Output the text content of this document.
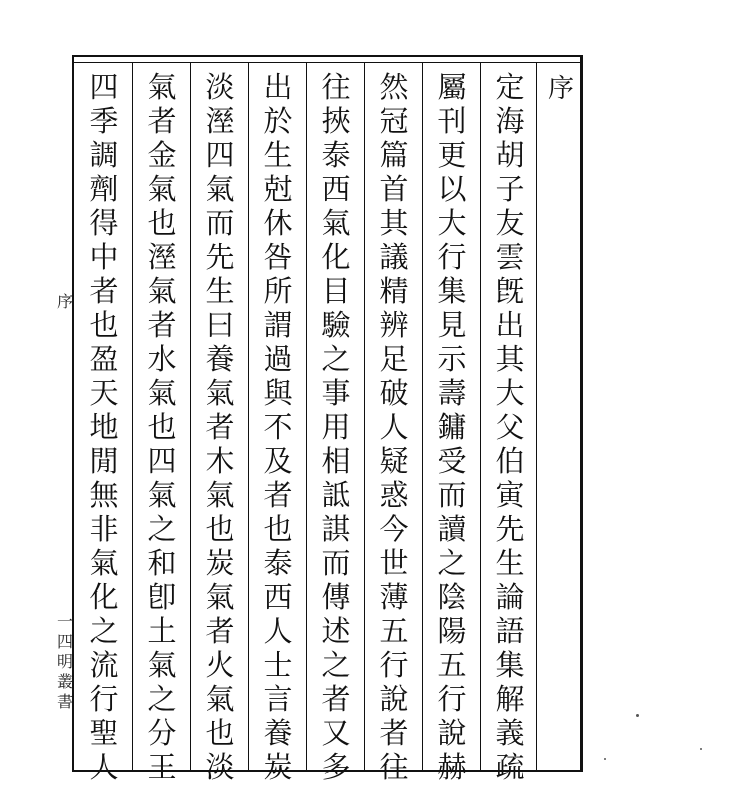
序
定
海
胡
子
友
雲
旣
出
其
大
父
伯
寅
先
生
論
語
集
解
義
疏
屬
刊
更
以
大
行
集
見
示
壽
鏞
受
而
讀
之
陰
陽
五
行
說
赫
然
冠
篇
首
其
議
精
辨
足
破
人
疑
惑
今
世
薄
五
行
說
者
往
往
挾
泰
西
氣
化
目
驗
之
事
用
相
詆
諆
而
傳
述
之
者
又
多
出
於
生
尅
休
咎
所
謂
過
與
不
及
者
也
泰
西
人
士
言
養
炭
淡
溼
四
氣
而
先
生
曰
養
氣
者
木
氣
也
炭
氣
者
火
氣
也
淡
氣
者
金
氣
也
溼
氣
者
水
氣
也
四
氣
之
和
卽
土
氣
之
分
王
四
季
調
劑
得
中
者
也
盈
天
地
閒
無
非
氣
化
之
流
行
聖
人
序
一
四
明
叢
書
